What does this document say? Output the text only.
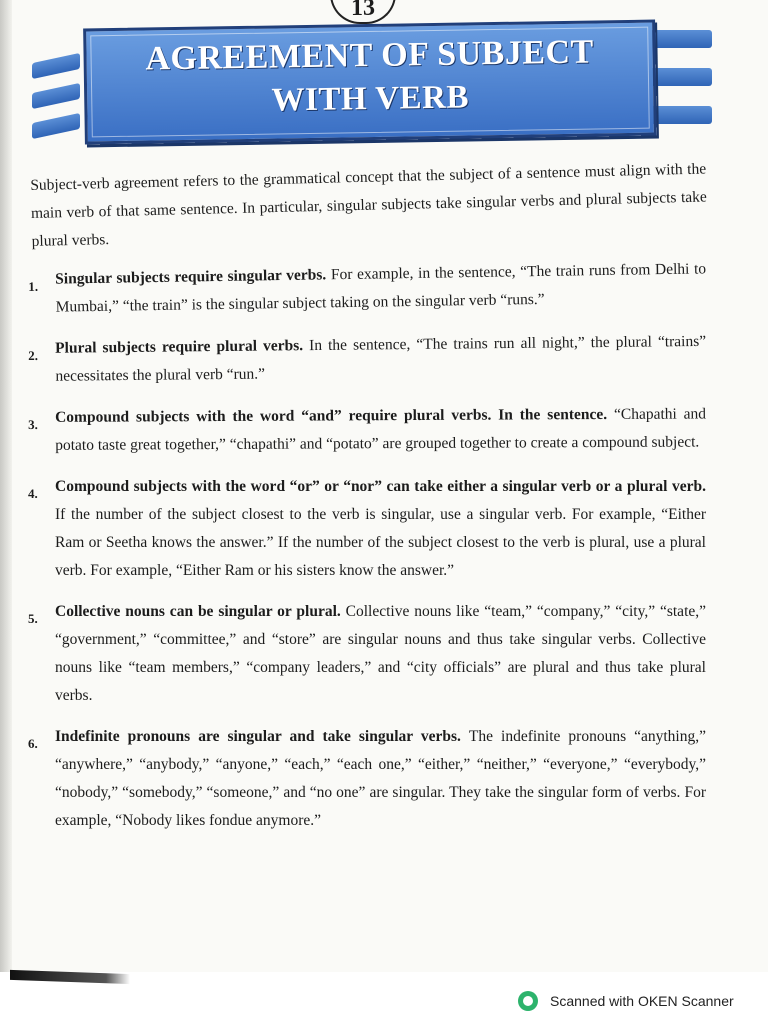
13
AGREEMENT OF SUBJECT
WITH VERB

Subject-verb agreement refers to the grammatical concept that the subject of a sentence must align with the main verb of that same sentence. In particular, singular subjects take singular verbs and plural subjects take plural verbs.

1. Singular subjects require singular verbs. For example, in the sentence, “The train runs from Delhi to Mumbai,” “the train” is the singular subject taking on the singular verb “runs.”
2. Plural subjects require plural verbs. In the sentence, “The trains run all night,” the plural “trains” necessitates the plural verb “run.”
3. Compound subjects with the word “and” require plural verbs. In the sentence. “Chapathi and potato taste great together,” “chapathi” and “potato” are grouped together to create a compound subject.
4. Compound subjects with the word “or” or “nor” can take either a singular verb or a plural verb. If the number of the subject closest to the verb is singular, use a singular verb. For example, “Either Ram or Seetha knows the answer.” If the number of the subject closest to the verb is plural, use a plural verb. For example, “Either Ram or his sisters know the answer.”
5. Collective nouns can be singular or plural. Collective nouns like “team,” “company,” “city,” “state,” “government,” “committee,” and “store” are singular nouns and thus take singular verbs. Collective nouns like “team members,” “company leaders,” and “city officials” are plural and thus take plural verbs.
6. Indefinite pronouns are singular and take singular verbs. The indefinite pronouns “anything,” “anywhere,” “anybody,” “anyone,” “each,” “each one,” “either,” “neither,” “everyone,” “everybody,” “nobody,” “somebody,” “someone,” and “no one” are singular. They take the singular form of verbs. For example, “Nobody likes fondue anymore.”
Scanned with OKEN Scanner
